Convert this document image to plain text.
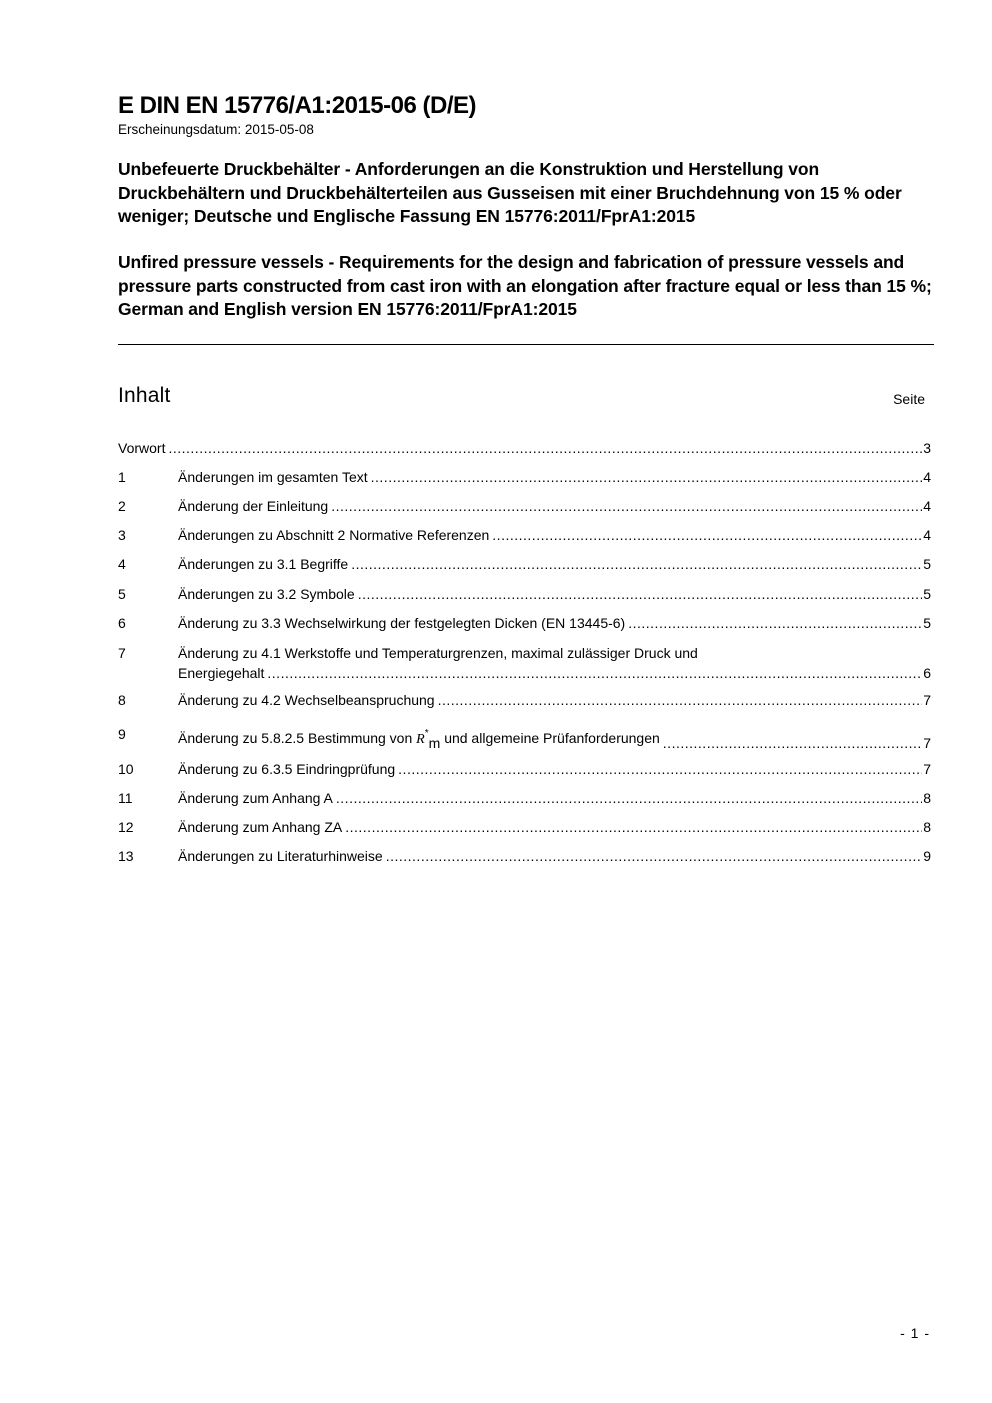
E DIN EN 15776/A1:2015-06 (D/E)
Erscheinungsdatum: 2015-05-08
Unbefeuerte Druckbehälter - Anforderungen an die Konstruktion und Herstellung von Druckbehältern und Druckbehälterteilen aus Gusseisen mit einer Bruchdehnung von 15 % oder weniger; Deutsche und Englische Fassung EN 15776:2011/FprA1:2015
Unfired pressure vessels - Requirements for the design and fabrication of pressure vessels and pressure parts constructed from cast iron with an elongation after fracture equal or less than 15 %; German and English version EN 15776:2011/FprA1:2015
Inhalt	Seite
Vorwort .....	3
1	Änderungen im gesamten Text .....	4
2	Änderung der Einleitung .....	4
3	Änderungen zu Abschnitt 2 Normative Referenzen .....	4
4	Änderungen zu 3.1 Begriffe .....	5
5	Änderungen zu 3.2 Symbole .....	5
6	Änderung zu 3.3 Wechselwirkung der festgelegten Dicken (EN 13445-6) .....	5
7	Änderung zu 4.1 Werkstoffe und Temperaturgrenzen, maximal zulässiger Druck und
Energiegehalt .....	6
8	Änderung zu 4.2 Wechselbeanspruchung .....	7
9	Änderung zu 5.8.2.5 Bestimmung von R*m und allgemeine Prüfanforderungen .....	7
10	Änderung zu 6.3.5 Eindringprüfung .....	7
11	Änderung zum Anhang A .....	8
12	Änderung zum Anhang ZA .....	8
13	Änderungen zu Literaturhinweise .....	9
- 1 -
